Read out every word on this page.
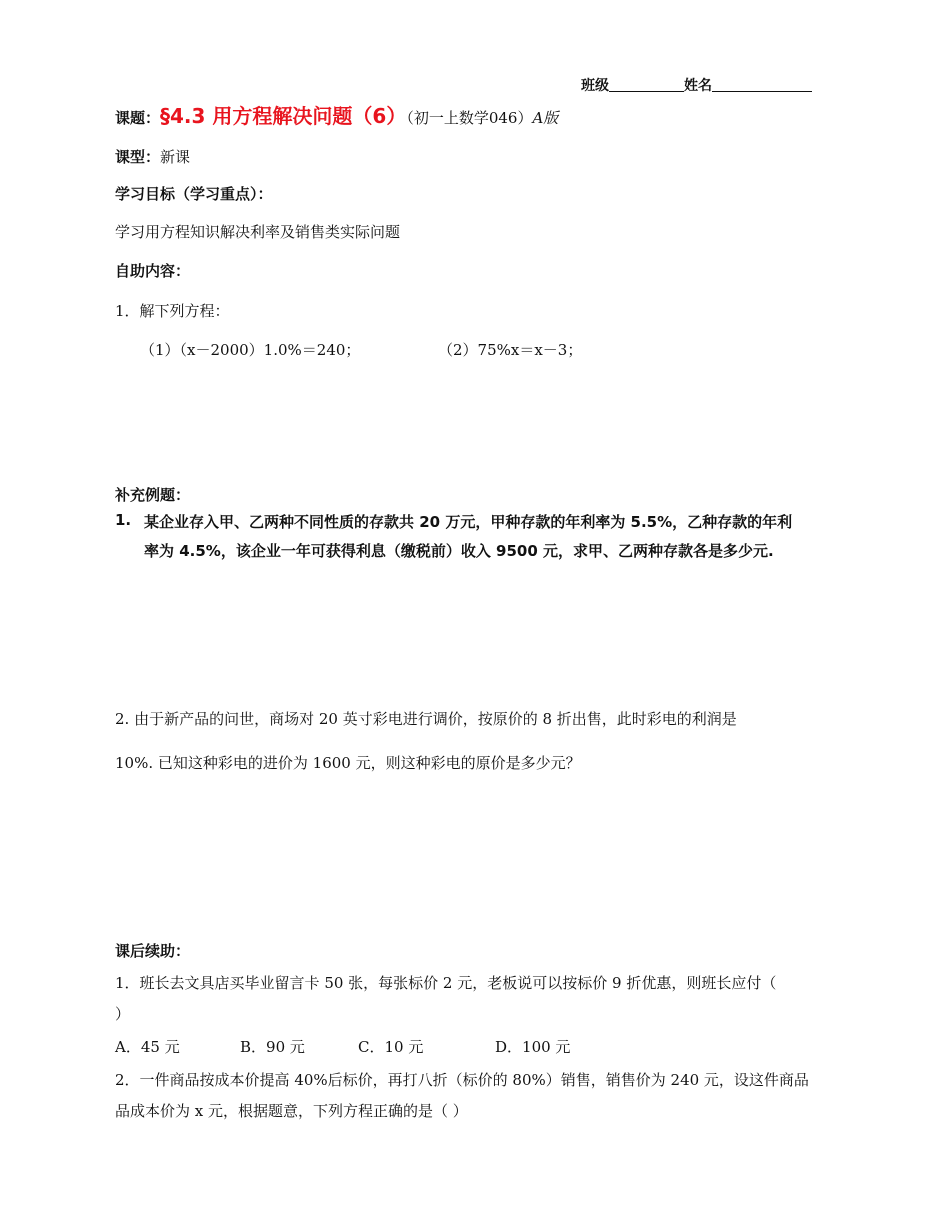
班级	姓名
课题：§4.3 用方程解决问题（6）（初一上数学046）A版
课型：新课
学习目标（学习重点）：
学习用方程知识解决利率及销售类实际问题
自助内容：
1．解下列方程：
（1）（x－2000）1.0%＝240；	（2）75%x＝x－3；
补充例题：
1. 某企业存入甲、乙两种不同性质的存款共 20 万元，甲种存款的年利率为 5.5%，乙种存款的年利
率为 4.5%，该企业一年可获得利息（缴税前）收入 9500 元，求甲、乙两种存款各是多少元.
2. 由于新产品的问世，商场对 20 英寸彩电进行调价，按原价的 8 折出售，此时彩电的利润是
10%. 已知这种彩电的进价为 1600 元，则这种彩电的原价是多少元？
课后续助：
1．班长去文具店买毕业留言卡 50 张，每张标价 2 元，老板说可以按标价 9 折优惠，则班长应付（
）
A．45 元	B．90 元	C．10 元	D．100 元
2．一件商品按成本价提高 40%后标价，再打八折（标价的 80%）销售，销售价为 240 元，设这件商品
品成本价为 x 元，根据题意，下列方程正确的是（ ）
